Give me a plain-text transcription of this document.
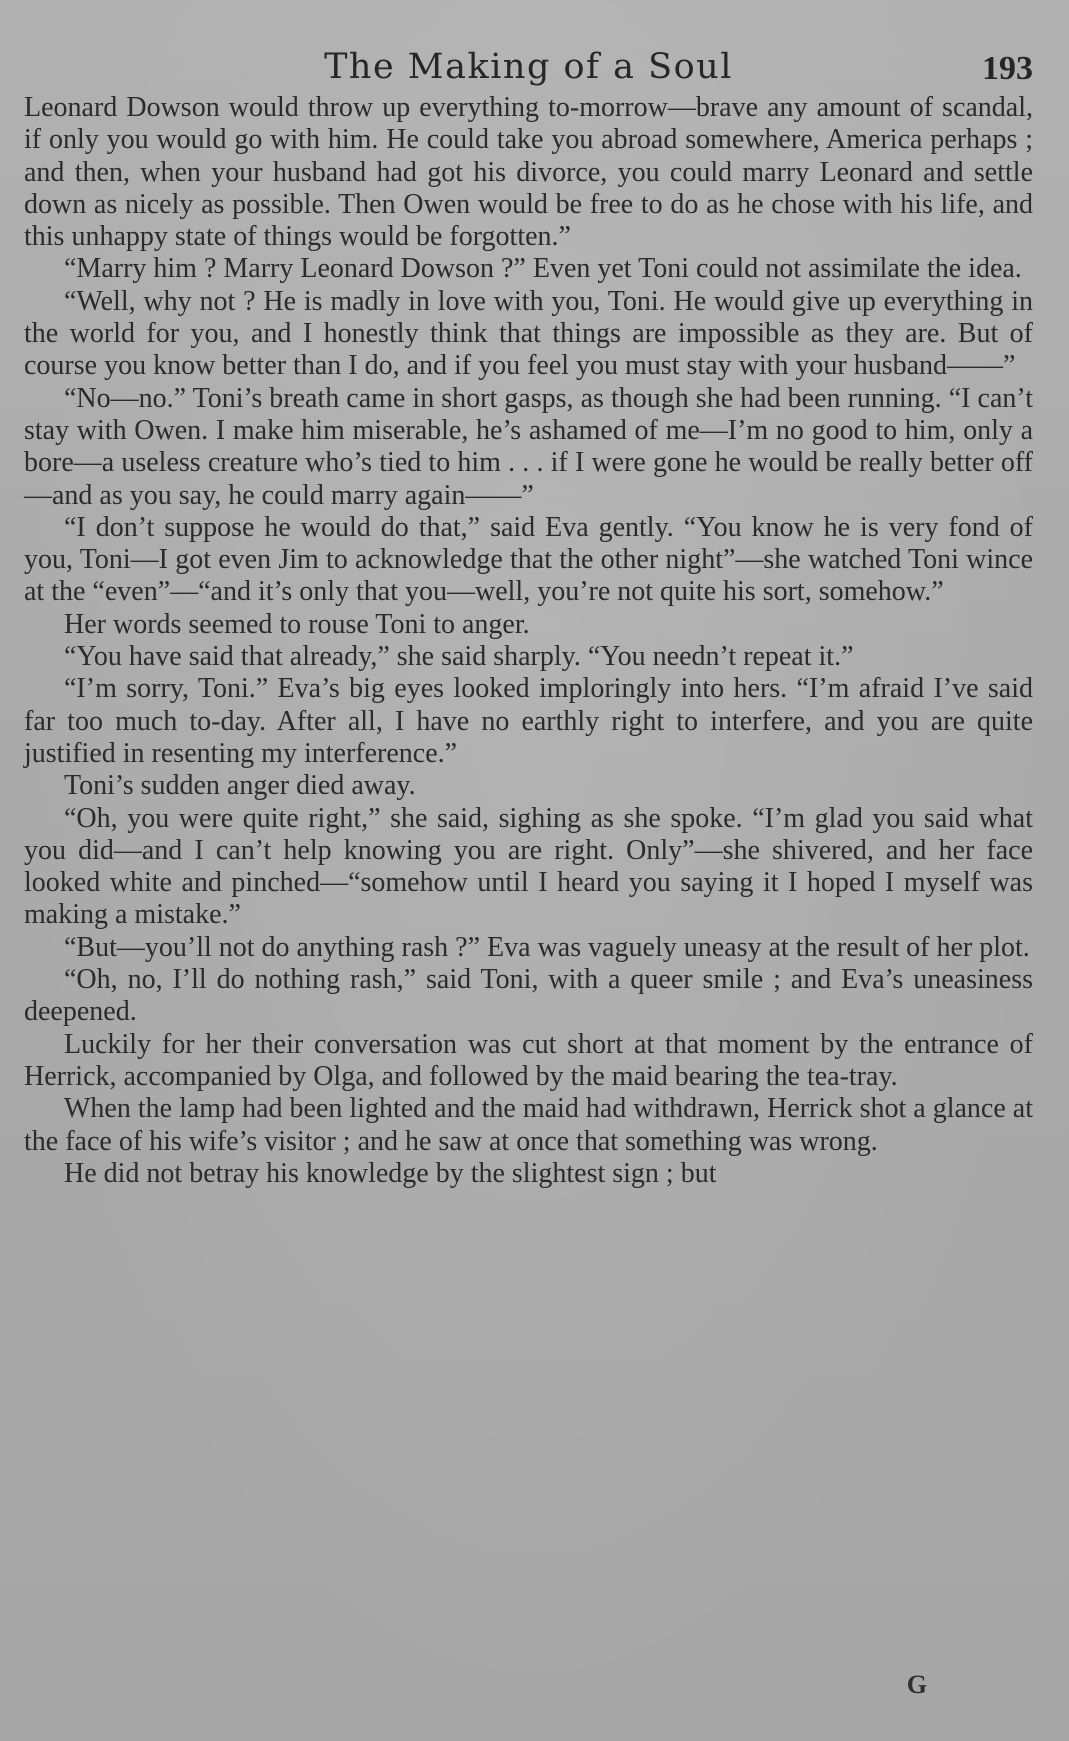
The Making of a Soul	193

Leonard Dowson would throw up everything to-morrow—brave any amount of scandal, if only you would go with him. He could take you abroad somewhere, America perhaps ; and then, when your husband had got his divorce, you could marry Leonard and settle down as nicely as possible. Then Owen would be free to do as he chose with his life, and this unhappy state of things would be forgotten.”

“Marry him ? Marry Leonard Dowson ?” Even yet Toni could not assimilate the idea.

“Well, why not ? He is madly in love with you, Toni. He would give up everything in the world for you, and I honestly think that things are impossible as they are. But of course you know better than I do, and if you feel you must stay with your husband——”

“No—no.” Toni’s breath came in short gasps, as though she had been running. “I can’t stay with Owen. I make him miserable, he’s ashamed of me—I’m no good to him, only a bore—a useless creature who’s tied to him . . . if I were gone he would be really better off—and as you say, he could marry again——”

“I don’t suppose he would do that,” said Eva gently. “You know he is very fond of you, Toni—I got even Jim to acknowledge that the other night”—she watched Toni wince at the “even”—“and it’s only that you—well, you’re not quite his sort, somehow.”

Her words seemed to rouse Toni to anger.

“You have said that already,” she said sharply. “You needn’t repeat it.”

“I’m sorry, Toni.” Eva’s big eyes looked imploringly into hers. “I’m afraid I’ve said far too much to-day. After all, I have no earthly right to interfere, and you are quite justified in resenting my interference.”

Toni’s sudden anger died away.

“Oh, you were quite right,” she said, sighing as she spoke. “I’m glad you said what you did—and I can’t help knowing you are right. Only”—she shivered, and her face looked white and pinched—“somehow until I heard you saying it I hoped I myself was making a mistake.”

“But—you’ll not do anything rash ?” Eva was vaguely uneasy at the result of her plot.

“Oh, no, I’ll do nothing rash,” said Toni, with a queer smile ; and Eva’s uneasiness deepened.

Luckily for her their conversation was cut short at that moment by the entrance of Herrick, accompanied by Olga, and followed by the maid bearing the tea-tray.

When the lamp had been lighted and the maid had withdrawn, Herrick shot a glance at the face of his wife’s visitor ; and he saw at once that something was wrong.

He did not betray his knowledge by the slightest sign ; but

G
